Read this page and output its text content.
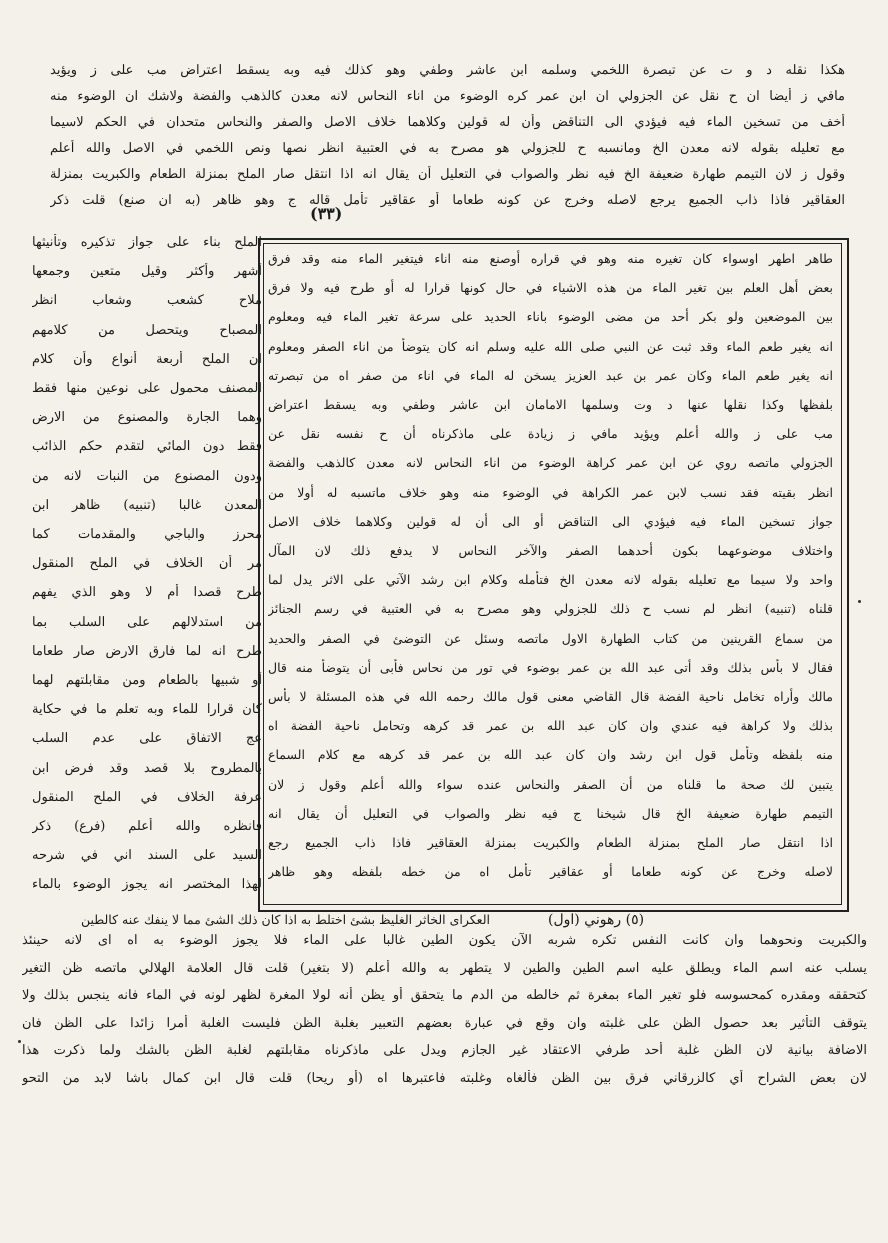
هكذا نقله د و ت عن تبصرة اللخمي وسلمه ابن عاشر وطفي وهو كذلك فيه وبه يسقط اعتراض مب على ز ويؤيد
مافي ز أيضا ان ح نقل عن الجزولي ان ابن عمر كره الوضوء من اناء النحاس لانه معدن كالذهب والفضة ولاشك ان الوضوء منه
أخف من تسخين الماء فيه فيؤدي الى التناقض وأن له قولين وكلاهما خلاف الاصل والصفر والنحاس متحدان في الحكم لاسيما
مع تعليله بقوله لانه معدن الخ ومانسبه ح للجزولي هو مصرح به في العتبية انظر نصها ونص اللخمي في الاصل والله أعلم
وقول ز لان التيمم طهارة ضعيفة الخ فيه نظر والصواب في التعليل أن يقال انه اذا انتقل صار الملح بمنزلة الطعام والكبريت بمنزلة
العقاقير فاذا ذاب الجميع يرجع لاصله وخرج عن كونه طعاما أو عقاقير تأمل قاله ج وهو ظاهر (به ان صنع) قلت ذكر
(٣٣)
طاهر اطهر اوسواء كان تغيره منه وهو في قراره أوصنع منه اناء فيتغير الماء منه وقد فرق
بعض أهل العلم بين تغير الماء من هذه الاشياء في حال كونها قرارا له أو طرح فيه ولا فرق
بين الموضعين ولو بكر أحد من مضى الوضوء باناء الحديد على سرعة تغير الماء فيه ومعلوم
انه يغير طعم الماء وقد ثبت عن النبي صلى الله عليه وسلم انه كان يتوضأ من اناء الصفر ومعلوم
انه يغير طعم الماء وكان عمر بن عبد العزيز يسخن له الماء في اناء من صفر اه من تبصرته
بلفظها وكذا نقلها عنها د وت وسلمها الامامان ابن عاشر وطفي وبه يسقط اعتراض
مب على ز والله أعلم ويؤيد مافي ز زيادة على ماذكرناه أن ح نفسه نقل عن
الجزولي ماتصه روي عن ابن عمر كراهة الوضوء من اناء النحاس لانه معدن كالذهب والفضة
انظر بقيته فقد نسب لابن عمر الكراهة في الوضوء منه وهو خلاف ماتسبه له أولا من
جواز تسخين الماء فيه فيؤدي الى التناقض أو الى أن له قولين وكلاهما خلاف الاصل
واختلاف موضوعهما بكون أحدهما الصفر والآخر النحاس لا يدفع ذلك لان المآل
واحد ولا سيما مع تعليله بقوله لانه معدن الخ فتأمله وكلام ابن رشد الآتي على الاثر يدل لما
قلناه (تنبيه) انظر لم نسب ح ذلك للجزولي وهو مصرح به في العتبية في رسم الجنائز
من سماع القرينين من كتاب الطهارة الاول ماتصه وسئل عن التوضئ في الصفر والحديد
فقال لا بأس بذلك وقد أتى عبد الله بن عمر بوضوء في تور من نحاس فأبى أن يتوضأ منه قال
مالك وأراه تخامل ناحية الفضة قال القاضي معنى قول مالك رحمه الله في هذه المسئلة لا بأس
بذلك ولا كراهة فيه عندي وان كان عبد الله بن عمر قد كرهه وتحامل ناحية الفضة اه
منه بلفظه وتأمل قول ابن رشد وان كان عبد الله بن عمر قد كرهه مع كلام السماع
يتبين لك صحة ما قلناه من أن الصفر والنحاس عنده سواء والله أعلم وقول ز لان
التيمم طهارة ضعيفة الخ قال شيخنا ج فيه نظر والصواب في التعليل أن يقال انه
اذا انتقل صار الملح بمنزلة الطعام والكبريت بمنزلة العقاقير فاذا ذاب الجميع رجع
لاصله وخرج عن كونه طعاما أو عقاقير تأمل اه من خطه بلفظه وهو ظاهر
الملح بناء على جواز تذكيره وتأنيثها
أشهر وأكثر وقيل متعين وجمعها
ملاح كشعب وشعاب انظر
المصباح ويتحصل من كلامهم
ان الملح أربعة أنواع وأن كلام
المصنف محمول على نوعين منها فقط
وهما الجارة والمصنوع من الارض
فقط دون المائي لتقدم حكم الذائب
ودون المصنوع من النبات لانه من
المعدن غالبا (تنبيه) ظاهر ابن
محرز والباجي والمقدمات كما
مر أن الخلاف في الملح المنقول
طرح قصدا أم لا وهو الذي يفهم
من استدلالهم على السلب بما
طرح انه لما فارق الارض صار طعاما
أو شبيها بالطعام ومن مقابلتهم لهما
كان قرارا للماء وبه تعلم ما في حكاية
عج الاتفاق على عدم السلب
بالمطروح بلا قصد وقد فرض ابن
عرفة الخلاف في الملح المنقول
فانظره والله أعلم (فرع) ذكر
السيد على السند اني في شرحه
لهذا المختصر انه يجوز الوضوء بالماء
(٥) رهوني (اول)
العكراى الخاثر الغليظ بشئ اختلط به اذا كان ذلك الشئ مما لا ينفك عنه كالطين
والكبريت ونحوهما وان كانت النفس تكره شربه الآن يكون الطين غالبا على الماء فلا يجوز الوضوء به اه اى لانه حينئذ
يسلب عنه اسم الماء ويطلق عليه اسم الطين والطين لا يتطهر به والله أعلم (لا بتغير) قلت قال العلامة الهلالي ماتصه ظن التغير
كتحققه ومقدره كمحسوسه فلو تغير الماء بمغرة ثم خالطه من الدم ما يتحقق أو يظن أنه لولا المغرة لظهر لونه في الماء فانه ينجس بذلك ولا
يتوقف التأثير بعد حصول الظن على غلبته وان وقع في عبارة بعضهم التعبير بغلبة الظن فليست الغلبة أمرا زائدا على الظن فان
الاضافة بيانية لان الظن غلبة أحد طرفي الاعتقاد غير الجازم ويدل على ماذكرناه مقابلتهم لغلبة الظن بالشك ولما ذكرت هذا
لان بعض الشراح أي كالزرقاني فرق بين الظن فألغاه وغلبته فاعتبرها اه (أو ريحا) قلت قال ابن كمال باشا لابد من التحو
